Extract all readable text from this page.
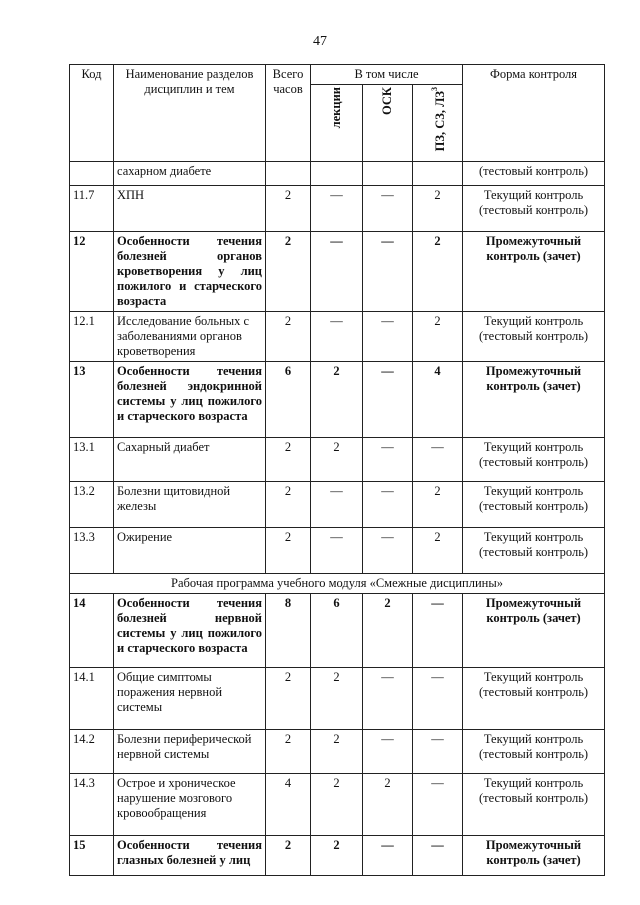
47
Код	Наименование разделов дисциплин и тем	Всего часов	В том числе			Форма контроля
			лекции	ОСК	ПЗ, СЗ, $ЛЗ^3$
	сахарном диабете					(тестовый контроль)
11.7	ХПН	2	—	—	2	Текущий контроль (тестовый контроль)
12	Особенности течения болезней органов кроветворения у лиц пожилого и старческого возраста	2	—	—	2	Промежуточный контроль (зачет)
12.1	Исследование больных с заболеваниями органов кроветворения	2	—	—	2	Текущий контроль (тестовый контроль)
13	Особенности течения болезней эндокринной системы у лиц пожилого и старческого возраста	6	2	—	4	Промежуточный контроль (зачет)
13.1	Сахарный диабет	2	2	—	—	Текущий контроль (тестовый контроль)
13.2	Болезни щитовидной железы	2	—	—	2	Текущий контроль (тестовый контроль)
13.3	Ожирение	2	—	—	2	Текущий контроль (тестовый контроль)
Рабочая программа учебного модуля «Смежные дисциплины»						
14	Особенности течения болезней нервной системы у лиц пожилого и старческого возраста	8	6	2	—	Промежуточный контроль (зачет)
14.1	Общие симптомы поражения нервной системы	2	2	—	—	Текущий контроль (тестовый контроль)
14.2	Болезни периферической нервной системы	2	2	—	—	Текущий контроль (тестовый контроль)
14.3	Острое и хроническое нарушение мозгового кровообращения	4	2	2	—	Текущий контроль (тестовый контроль)
15	Особенности течения глазных болезней у лиц	2	2	—	—	Промежуточный контроль (зачет)
